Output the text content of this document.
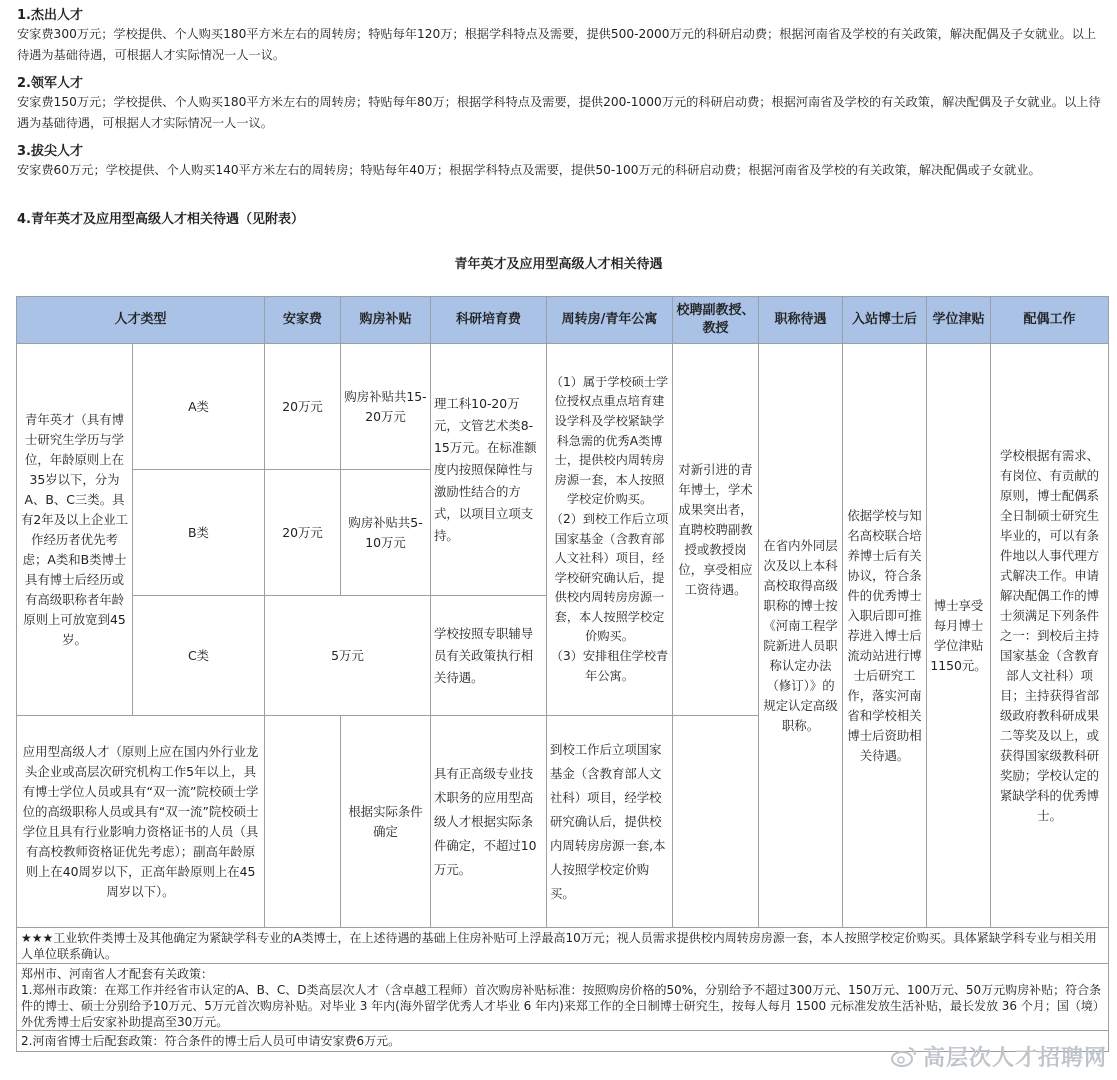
1.杰出人才
安家费300万元；学校提供、个人购买180平方米左右的周转房；特贴每年120万；根据学科特点及需要，提供500-2000万元的科研启动费；根据河南省及学校的有关政策，解决配偶及子女就业。以上待遇为基础待遇，可根据人才实际情况一人一议。
2.领军人才
安家费150万元；学校提供、个人购买180平方米左右的周转房；特贴每年80万；根据学科特点及需要，提供200-1000万元的科研启动费；根据河南省及学校的有关政策，解决配偶及子女就业。以上待遇为基础待遇，可根据人才实际情况一人一议。
3.拔尖人才
安家费60万元；学校提供、个人购买140平方米左右的周转房；特贴每年40万；根据学科特点及需要，提供50-100万元的科研启动费；根据河南省及学校的有关政策，解决配偶或子女就业。
4.青年英才及应用型高级人才相关待遇（见附表）
青年英才及应用型高级人才相关待遇
人才类型		安家费	购房补贴	科研培育费	周转房/青年公寓	校聘副教授、教授	职称待遇	入站博士后	学位津贴	配偶工作
青年英才（具有博士研究生学历与学位，年龄原则上在35岁以下，分为A、B、C三类。具有2年及以上企业工作经历者优先考虑；A类和B类博士具有博士后经历或有高级职称者年龄原则上可放宽到45岁。	A类	20万元	购房补贴共15-20万元	理工科10-20万元，文管艺术类8-15万元。在标准额度内按照保障性与激励性结合的方式，以项目立项支持。	（1）属于学校硕士学位授权点重点培育建设学科及学校紧缺学科急需的优秀A类博士，提供校内周转房房源一套，本人按照学校定价购买。
（2）到校工作后立项国家基金（含教育部人文社科）项目，经学校研究确认后，提供校内周转房房源一套，本人按照学校定价购买。
（3）安排租住学校青年公寓。	对新引进的青年博士，学术成果突出者，直聘校聘副教授或教授岗位，享受相应工资待遇。	在省内外同层次及以上本科高校取得高级职称的博士按《河南工程学院新进人员职称认定办法（修订）》的规定认定高级职称。	依据学校与知名高校联合培养博士后有关协议，符合条件的优秀博士入职后即可推荐进入博士后流动站进行博士后研究工作，落实河南省和学校相关博士后资助相关待遇。	博士享受每月博士学位津贴1150元。	学校根据有需求、有岗位、有贡献的原则，博士配偶系全日制硕士研究生毕业的，可以有条件地以人事代理方式解决工作。申请解决配偶工作的博士须满足下列条件之一：到校后主持国家基金（含教育部人文社科）项目；主持获得省部级政府教科研成果二等奖及以上，或获得国家级教科研奖励；学校认定的紧缺学科的优秀博士。
	B类	20万元	购房补贴共5-10万元							
	C类	5万元		学校按照专职辅导员有关政策执行相关待遇。						
应用型高级人才（原则上应在国内外行业龙头企业或高层次研究机构工作5年以上，具有博士学位人员或具有“双一流”院校硕士学位的高级职称人员或具有“双一流”院校硕士学位且具有行业影响力资格证书的人员（具有高校教师资格证优先考虑）；副高年龄原则上在40周岁以下，正高年龄原则上在45周岁以下）。			根据实际条件确定	具有正高级专业技术职务的应用型高级人才根据实际条件确定，不超过10万元。	到校工作后立项国家基金（含教育部人文社科）项目，经学校研究确认后，提供校内周转房房源一套,本人按照学校定价购买。					

★★★工业软件类博士及其他确定为紧缺学科专业的A类博士，在上述待遇的基础上住房补贴可上浮最高10万元；视人员需求提供校内周转房房源一套，本人按照学校定价购买。具体紧缺学科专业与相关用人单位联系确认。
郑州市、河南省人才配套有关政策：
1.郑州市政策：在郑工作并经省市认定的A、B、C、D类高层次人才（含卓越工程师）首次购房补贴标准：按照购房价格的50%，分别给予不超过300万元、150万元、100万元、50万元购房补贴；符合条件的博士、硕士分别给予10万元、5万元首次购房补贴。对毕业 3 年内(海外留学优秀人才毕业 6 年内)来郑工作的全日制博士研究生，按每人每月 1500 元标准发放生活补贴，最长发放 36 个月；国（境）外优秀博士后安家补助提高至30万元。
2.河南省博士后配套政策：符合条件的博士后人员可申请安家费6万元。										
高层次人才招聘网
